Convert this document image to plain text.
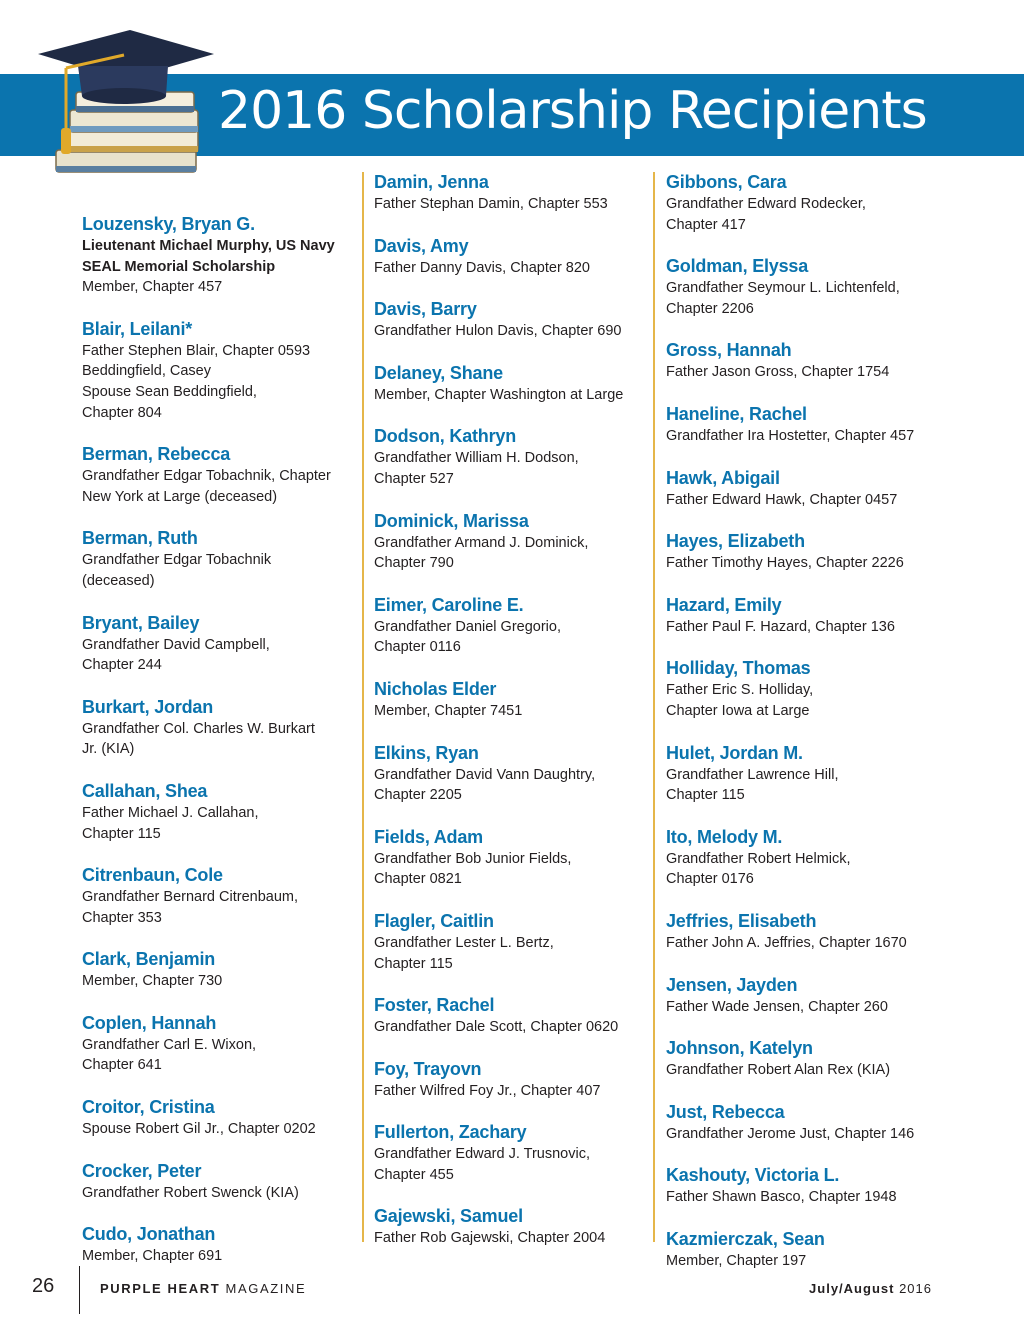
2016 Scholarship Recipients
Louzensky, Bryan G.
Lieutenant Michael Murphy, US Navy
SEAL Memorial Scholarship
Member, Chapter 457
Blair, Leilani*
Father Stephen Blair, Chapter 0593
Beddingfield, Casey
Spouse Sean Beddingfield,
Chapter 804
Berman, Rebecca
Grandfather Edgar Tobachnik, Chapter
New York at Large (deceased)
Berman, Ruth
Grandfather Edgar Tobachnik
(deceased)
Bryant, Bailey
Grandfather David Campbell,
Chapter 244
Burkart, Jordan
Grandfather Col. Charles W. Burkart
Jr. (KIA)
Callahan, Shea
Father Michael J. Callahan,
Chapter 115
Citrenbaun, Cole
Grandfather Bernard Citrenbaum,
Chapter 353
Clark, Benjamin
Member, Chapter 730
Coplen, Hannah
Grandfather Carl E. Wixon,
Chapter 641
Croitor, Cristina
Spouse Robert Gil Jr., Chapter 0202
Crocker, Peter
Grandfather Robert Swenck (KIA)
Cudo, Jonathan
Member, Chapter 691
Damin, Jenna
Father Stephan Damin, Chapter 553
Davis, Amy
Father Danny Davis, Chapter 820
Davis, Barry
Grandfather Hulon Davis, Chapter 690
Delaney, Shane
Member, Chapter Washington at Large
Dodson, Kathryn
Grandfather William H. Dodson,
Chapter 527
Dominick, Marissa
Grandfather Armand J. Dominick,
Chapter 790
Eimer, Caroline E.
Grandfather Daniel Gregorio,
Chapter 0116
Nicholas Elder
Member, Chapter 7451
Elkins, Ryan
Grandfather David Vann Daughtry,
Chapter 2205
Fields, Adam
Grandfather Bob Junior Fields,
Chapter 0821
Flagler, Caitlin
Grandfather Lester L. Bertz,
Chapter 115
Foster, Rachel
Grandfather Dale Scott, Chapter 0620
Foy, Trayovn
Father Wilfred Foy Jr., Chapter 407
Fullerton, Zachary
Grandfather Edward J. Trusnovic,
Chapter 455
Gajewski, Samuel
Father Rob Gajewski, Chapter 2004
Gibbons, Cara
Grandfather Edward Rodecker,
Chapter 417
Goldman, Elyssa
Grandfather Seymour L. Lichtenfeld,
Chapter 2206
Gross, Hannah
Father Jason Gross, Chapter 1754
Haneline, Rachel
Grandfather Ira Hostetter, Chapter 457
Hawk, Abigail
Father Edward Hawk, Chapter 0457
Hayes, Elizabeth
Father Timothy Hayes, Chapter 2226
Hazard, Emily
Father Paul F. Hazard, Chapter 136
Holliday, Thomas
Father Eric S. Holliday,
Chapter Iowa at Large
Hulet, Jordan M.
Grandfather Lawrence Hill,
Chapter 115
Ito, Melody M.
Grandfather Robert Helmick,
Chapter 0176
Jeffries, Elisabeth
Father John A. Jeffries, Chapter 1670
Jensen, Jayden
Father Wade Jensen, Chapter 260
Johnson, Katelyn
Grandfather Robert Alan Rex (KIA)
Just, Rebecca
Grandfather Jerome Just, Chapter 146
Kashouty, Victoria L.
Father Shawn Basco, Chapter 1948
Kazmierczak, Sean
Member, Chapter 197
26	PURPLE HEART MAGAZINE	July/August 2016
